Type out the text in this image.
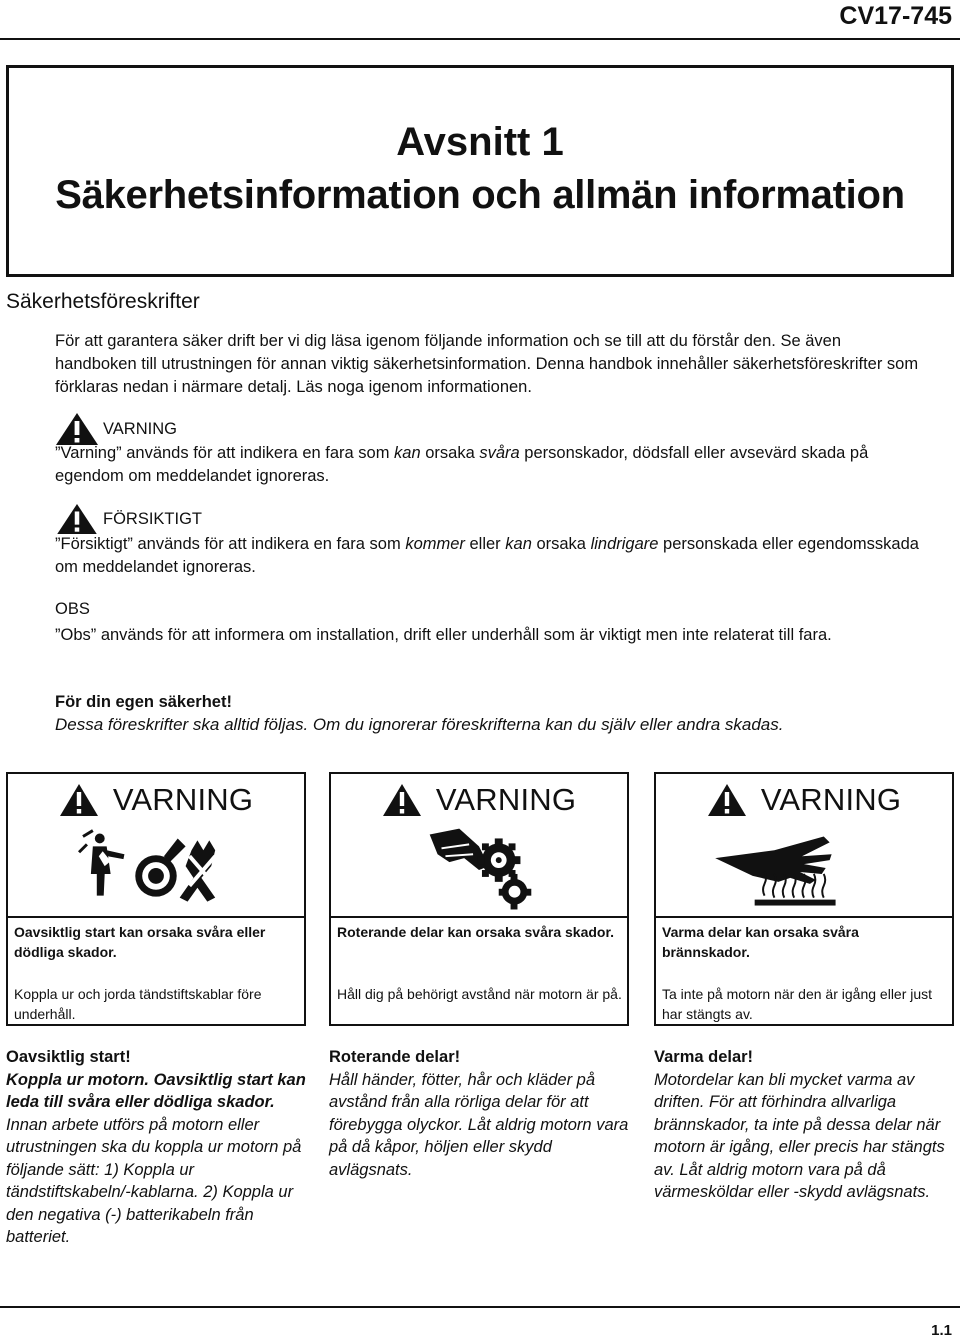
CV17-745
Avsnitt 1
Säkerhetsinformation och allmän information
Säkerhetsföreskrifter

För att garantera säker drift ber vi dig läsa igenom följande information och se till att du förstår den. Se även handboken till utrustningen för annan viktig säkerhetsinformation. Denna handbok innehåller säkerhetsföreskrifter som förklaras nedan i närmare detalj. Läs noga igenom informationen.

VARNING

”Varning” används för att indikera en fara som kan orsaka svåra personskador, dödsfall eller avsevärd skada på egendom om meddelandet ignoreras.

FÖRSIKTIGT

”Försiktigt” används för att indikera en fara som kommer eller kan orsaka lindrigare personskada eller egendomsskada om meddelandet ignoreras.

OBS

”Obs” används för att informera om installation, drift eller underhåll som är viktigt men inte relaterat till fara.

För din egen säkerhet!
Dessa föreskrifter ska alltid följas. Om du ignorerar föreskrifterna kan du själv eller andra skadas.
VARNING
Oavsiktlig start kan orsaka svåra eller dödliga skador.
Koppla ur och jorda tändstiftskablar före underhåll.
VARNING
Roterande delar kan orsaka svåra skador.
Håll dig på behörigt avstånd när motorn är på.
VARNING
Varma delar kan orsaka svåra brännskador.
Ta inte på motorn när den är igång eller just har stängts av.
Oavsiktlig start!
Koppla ur motorn. Oavsiktlig start kan leda till svåra eller dödliga skador. Innan arbete utförs på motorn eller utrustningen ska du koppla ur motorn på följande sätt: 1) Koppla ur tändstiftskabeln/-kablarna. 2) Koppla ur den negativa (-) batterikabeln från batteriet.
Roterande delar!
Håll händer, fötter, hår och kläder på avstånd från alla rörliga delar för att förebygga olyckor. Låt aldrig motorn vara på då kåpor, höljen eller skydd avlägsnats.
Varma delar!
Motordelar kan bli mycket varma av driften. För att förhindra allvarliga brännskador, ta inte på dessa delar när motorn är igång, eller precis har stängts av. Låt aldrig motorn vara på då värmesköldar eller -skydd avlägsnats.
1.1
